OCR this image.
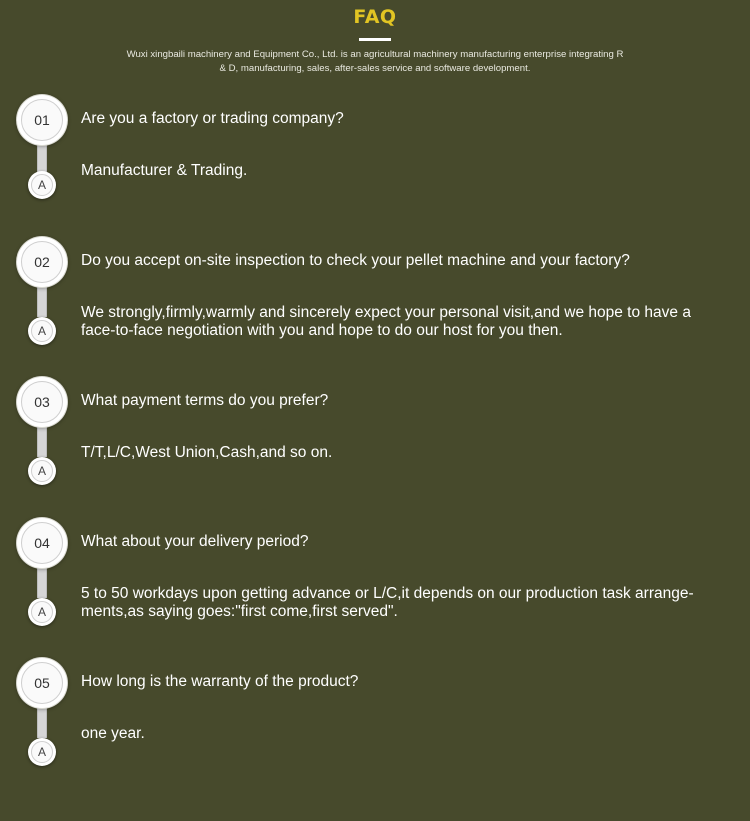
FAQ
Wuxi xingbaili machinery and Equipment Co., Ltd. is an agricultural machinery manufacturing enterprise integrating R
& D, manufacturing, sales, after-sales service and software development.
01
A
Are you a factory or trading company?
Manufacturer & Trading.
02
A
Do you accept on-site inspection to check your pellet machine and your factory?
We strongly,firmly,warmly and sincerely expect your personal visit,and we hope to have a
face-to-face negotiation with you and hope to do our host for you then.
03
A
What payment terms do you prefer?
T/T,L/C,West Union,Cash,and so on.
04
A
What about your delivery period?
5 to 50 workdays upon getting advance or L/C,it depends on our production task arrange-
ments,as saying goes:"first come,first served".
05
A
How long is the warranty of the product?
one year.
